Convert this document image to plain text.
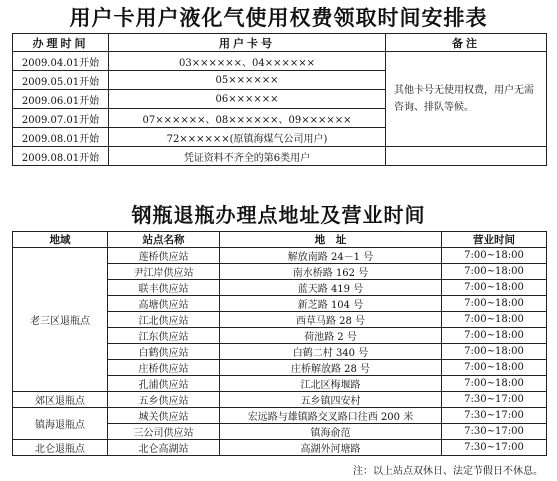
用户卡用户液化气使用权费领取时间安排表
办理时间	用户卡号	备注
2009.04.01开始	03××××××、04××××××	其他卡号无使用权费，用户无需咨询、排队等候。
2009.05.01开始	05××××××	
2009.06.01开始	06××××××	
2009.07.01开始	07××××××、08××××××、09××××××	
2009.08.01开始	72××××××(原镇海煤气公司用户)	
2009.08.01开始	凭证资料不齐全的第6类用户	
钢瓶退瓶办理点地址及营业时间
地域	站点名称	地　址	营业时间
老三区退瓶点	莲桥供应站	解放南路 24－1 号	7:00~18:00
	尹江岸供应站	南水桥路 162 号	7:00~18:00
	联丰供应站	蓝天路 419 号	7:00~18:00
	高塘供应站	新芝路 104 号	7:00~18:00
	江北供应站	西草马路 28 号	7:00~18:00
	江东供应站	荷池路 2 号	7:00~18:00
	白鹤供应站	白鹤二村 340 号	7:00~18:00
	庄桥供应站	庄桥解放路 28 号	7:00~18:00
	孔浦供应站	江北区梅堰路	7:00~18:00
郊区退瓶点	五乡供应站	五乡镇四安村	7:30~17:00
镇海退瓶点	城关供应站	宏远路与雄镇路交叉路口往西 200 米	7:30~17:00
	三公司供应站	镇海俞范	7:30~17:00
北仑退瓶点	北仑高湖站	高湖外河塘路	7:30~17:00
注：以上站点双休日、法定节假日不休息。
